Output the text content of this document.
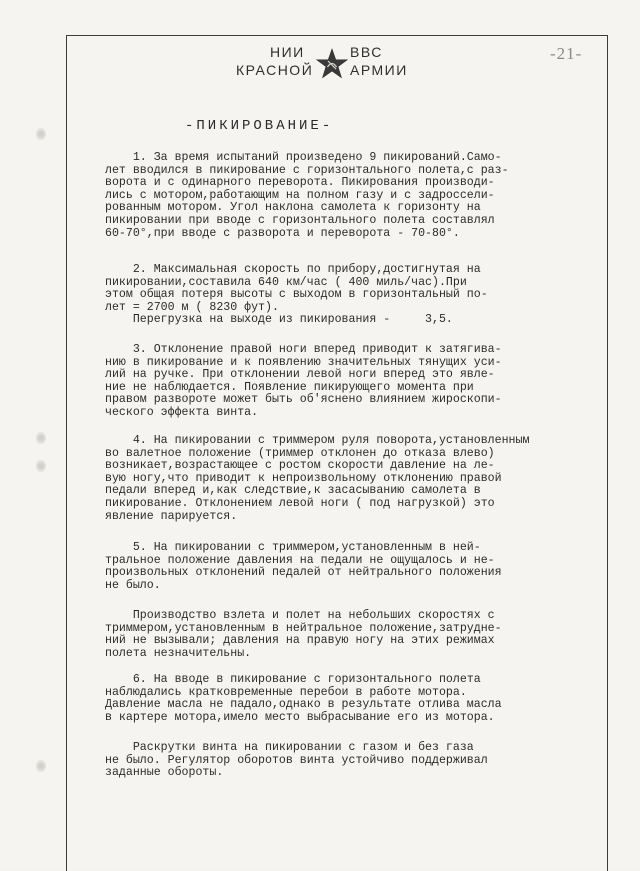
НИИ	ВВС
КРАСНОЙ	АРМИИ
-21-
-ПИКИРОВАНИЕ-

1. За время испытаний произведено 9 пикирований.Само-
лет вводился в пикирование с горизонтального полета,с раз-
ворота и с одинарного переворота. Пикирования производи-
лись с мотором,работающим на полном газу и с задроссели-
рованным мотором. Угол наклона самолета к горизонту на
пикировании при вводе с горизонтального полета составлял
60-70°,при вводе с разворота и переворота - 70-80°.

2. Максимальная скорость по прибору,достигнутая на
пикировании,составила 640 км/час ( 400 миль/час).При
этом общая потеря высоты с выходом в горизонтальный по-
лет = 2700 м ( 8230 фут).
Перегрузка на выходе из пикирования -     3,5.

3. Отклонение правой ноги вперед приводит к затягива-
нию в пикирование и к появлению значительных тянущих уси-
лий на ручке. При отклонении левой ноги вперед это явле-
ние не наблюдается. Появление пикирующего момента при
правом развороте может быть об'яснено влиянием жироскопи-
ческого эффекта винта.

4. На пикировании с триммером руля поворота,установленным
во валетное положение (триммер отклонен до отказа влево)
возникает,возрастающее с ростом скорости давление на ле-
вую ногу,что приводит к непроизвольному отклонению правой
педали вперед и,как следствие,к засасыванию самолета в
пикирование. Отклонением левой ноги ( под нагрузкой) это
явление парируется.

5. На пикировании с триммером,установленным в ней-
тральное положение давления на педали не ощущалось и не-
произвольных отклонений педалей от нейтрального положения
не было.

Производство взлета и полет на небольших скоростях с
триммером,установленным в нейтральное положение,затрудне-
ний не вызывали; давления на правую ногу на этих режимах
полета незначительны.

6. На вводе в пикирование с горизонтального полета
наблюдались кратковременные перебои в работе мотора.
Давление масла не падало,однако в результате отлива масла
в картере мотора,имело место выбрасывание его из мотора.

Раскрутки винта на пикировании с газом и без газа
не было. Регулятор оборотов винта устойчиво поддерживал
заданные обороты.
